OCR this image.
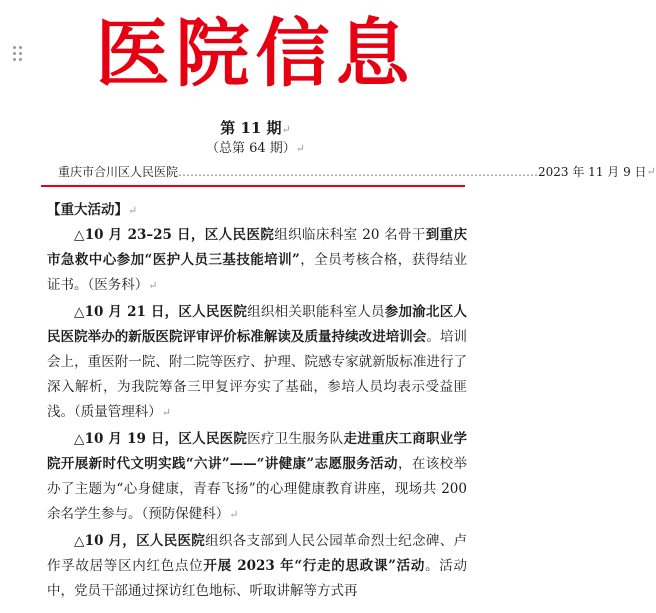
医院信息
第 11 期↵
（总第 64 期）↵
重庆市合川区人民医院 ……………………………………………………………………………… 2023 年 11 月 9 日 ↵
【重大活动】↵

△10 月 23–25 日，区人民医院组织临床科室 20 名骨干到重庆市急救中心参加“医护人员三基技能培训”，全员考核合格，获得结业证书。（医务科）↵

△10 月 21 日，区人民医院组织相关职能科室人员参加渝北区人民医院举办的新版医院评审评价标准解读及质量持续改进培训会。培训会上，重医附一院、附二院等医疗、护理、院感专家就新版标准进行了深入解析，为我院筹备三甲复评夯实了基础，参培人员均表示受益匪浅。（质量管理科）↵

△10 月 19 日，区人民医院医疗卫生服务队走进重庆工商职业学院开展新时代文明实践“六讲”——“讲健康”志愿服务活动，在该校举办了主题为“心身健康，青春飞扬”的心理健康教育讲座，现场共 200 余名学生参与。（预防保健科）↵

△10 月，区人民医院组织各支部到人民公园革命烈士纪念碑、卢作孚故居等区内红色点位开展 2023 年“行走的思政课”活动。活动中，党员干部通过探访红色地标、听取讲解等方式再
